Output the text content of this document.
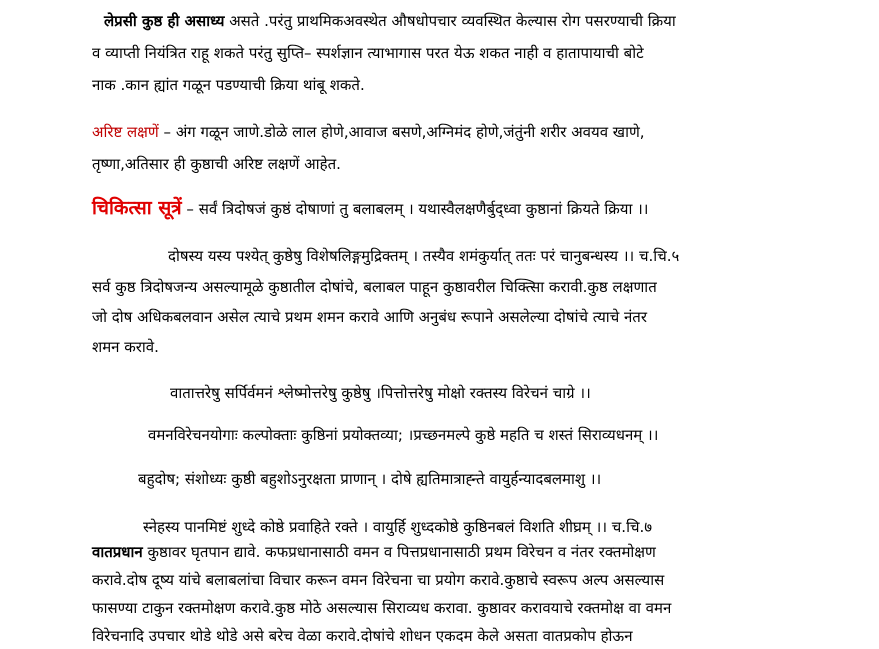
लेप्रसी कुष्ठ ही असाध्य असते .परंतु प्राथमिकअवस्थेत औषधोपचार व्यवस्थित केल्यास रोग पसरण्याची क्रिया
व व्याप्ती नियंत्रित राहू शकते परंतु सुप्ति– स्पर्शज्ञान त्याभागास परत येऊ शकत नाही व हातापायाची बोटे
नाक .कान ह्यांत गळून पडण्याची क्रिया थांबू शकते.
अरिष्ट लक्षणें – अंग गळून जाणे.डोळे लाल होणे,आवाज बसणे,अग्निमंद होणे,जंतुंनी शरीर अवयव खाणे,
तृष्णा,अतिसार ही कुष्ठाची अरिष्ट लक्षणें आहेत.
चिकित्सा सूत्रें – सर्वं त्रिदोषजं कुष्ठं दोषाणां तु बलाबलम् । यथास्वैलक्षणैर्बुद्ध्वा कुष्ठानां क्रियते क्रिया ।।
दोषस्य यस्य पश्येत् कुष्ठेषु विशेषलिङ्गमुद्रिक्तम् । तस्यैव शमंकुर्यात् ततः परं चानुबन्धस्य ।। च.चि.५
सर्व कुष्ठ त्रिदोषजन्य असल्यामूळे कुष्ठातील दोषांचे, बलाबल पाहून कुष्ठावरील चिक्त्सिा करावी.कुष्ठ लक्षणात
जो दोष अधिकबलवान असेल त्याचे प्रथम शमन करावे आणि अनुबंध रूपाने असलेल्या दोषांचे त्याचे नंतर
शमन करावे.
वातात्तरेषु सर्पिर्वमनं श्लेष्मोत्तरेषु कुष्ठेषु ।पित्तोत्तरेषु मोक्षो रक्तस्य विरेचनं चाग्रे ।।
वमनविरेचनयोगाः कल्पोक्ताः कुष्ठिनां प्रयोक्तव्या; ।प्रच्छनमल्पे कुष्ठे महति च शस्तं सिराव्यधनम् ।।
बहुदोष; संशोध्यः कुष्ठी बहुशोऽनुरक्षता प्राणान् । दोषे ह्यतिमात्राह्न्ते वायुर्हन्यादबलमाशु ।।
स्नेहस्य पानमिष्टं शुध्दे कोष्ठे प्रवाहिते रक्ते । वायुर्हि शुध्दकोष्ठे कुष्ठिनबलं विशति शीघ्रम् ।। च.चि.७
वातप्रधान कुष्ठावर घृतपान द्यावे. कफप्रधानासाठी वमन व पित्तप्रधानासाठी प्रथम विरेचन व नंतर रक्तमोक्षण
करावे.दोष दूष्य यांचे बलाबलांचा विचार करून वमन विरेचना चा प्रयोग करावे.कुष्ठाचे स्वरूप अल्प असल्यास
फासण्या टाकुन रक्तमोक्षण करावे.कुष्ठ मोठे असल्यास सिराव्यध करावा. कुष्ठावर करावयाचे रक्तमोक्ष वा वमन
विरेचनादि उपचार थोडे थोडे असे बरेच वेळा करावे.दोषांचे शोधन एकदम केले असता वातप्रकोप होऊन
